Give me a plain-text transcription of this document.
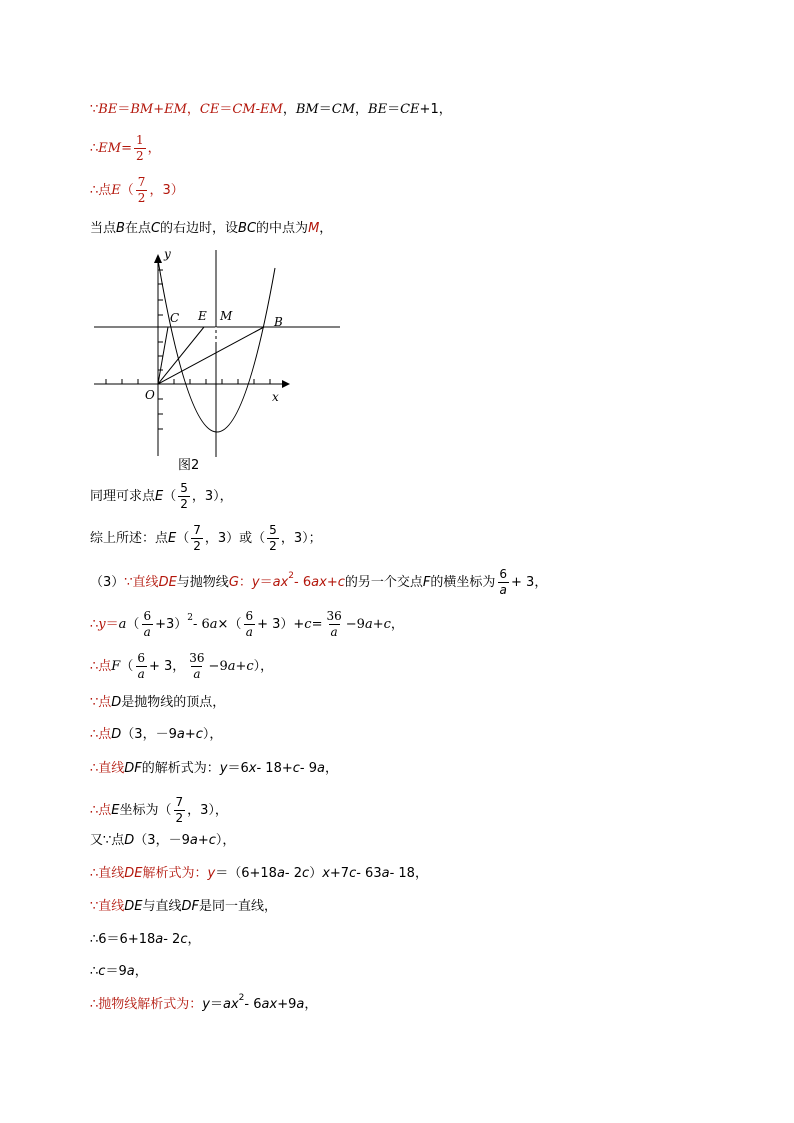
∵ BE ＝ BM+EM ， CE ＝ CM - EM ， BM ＝ CM ， BE ＝ CE +1，
∴ EM = $\frac{1}{2}$ ，
∴点 E （ $\frac{7}{2}$ ，3）
当点 B 在点 C 的右边时，设 BC 的中点为 M ，
y
x
O
C E M	B
图2
同理可求点 E （ $\frac{5}{2}$ ，3），
综上所述：点 E （ $\frac{7}{2}$ ，3）或（ $\frac{5}{2}$ ，3）；
（3） ∵直线 DE 与抛物线 G ： $y = ax^2 - 6$ ax + c 的另一个交点 F 的横坐标为 $\frac{6}{a} + 3$，
∴ y ＝ a （ $\frac{6}{a} +3)^2 - 6$ a ×（ $\frac{6}{a} + 3)+ c = \frac{36}{a} -9$ a + c ，
∴点 F （ $\frac{6}{a} + 3$， $\frac{36}{a} -9$ a + c ），
∵点 D 是抛物线的顶点，
∴点 D （3，－9 a + c ），
∴直线 DF 的解析式为： y ＝6 x - 18+ c - 9 a ，
∴点 E 坐标为（ $\frac{7}{2}$ ，3），
又∵点 D （3，－9 a + c ），
∴直线 DE 解析式为： y ＝（6+18 a - 2 c ） x +7 c - 63 a - 18，
∵直线 DE 与直线 DF 是同一直线，
∴6＝6+18 a - 2 c ，
∴ c ＝9 a ，
∴抛物线解析式为： $y = ax^2 - 6$ ax +9 a ，
